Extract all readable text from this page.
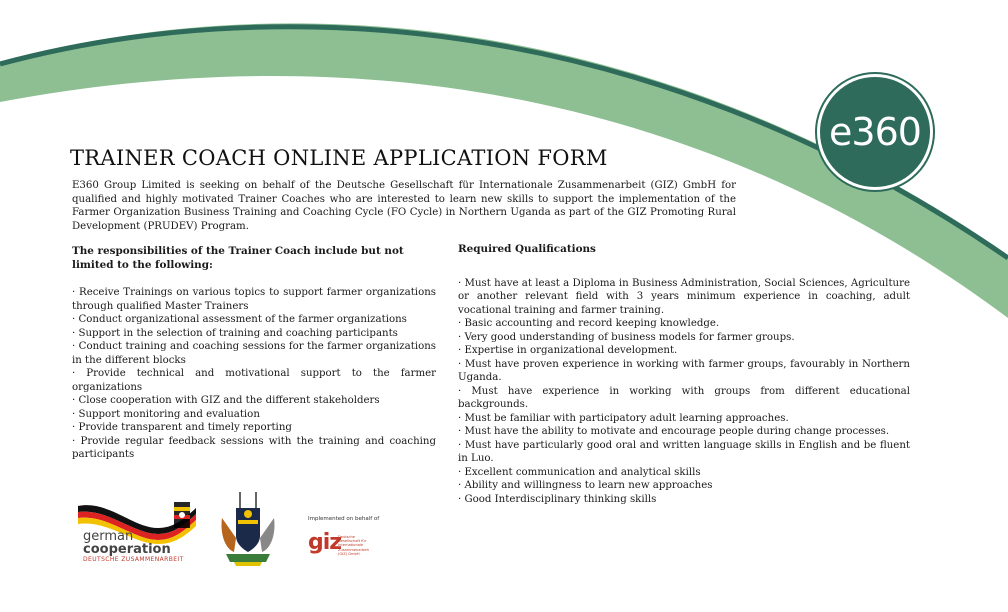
e360
TRAINER COACH ONLINE APPLICATION FORM

E360 Group Limited is seeking on behalf of the Deutsche Gesellschaft für Internationale Zusammenarbeit (GIZ) GmbH for qualified and highly motivated Trainer Coaches who are interested to learn new skills to support the implementation of the Farmer Organization Business Training and Coaching Cycle (FO Cycle) in Northern Uganda as part of the GIZ Promoting Rural Development (PRUDEV) Program.

The responsibilities of the Trainer Coach include but not limited to the following:
· Receive Trainings on various topics to support farmer organizations through qualified Master Trainers
· Conduct organizational assessment of the farmer organizations
· Support in the selection of training and coaching participants
· Conduct training and coaching sessions for the farmer organizations in the different blocks
· Provide technical and motivational support to the farmer organizations
· Close cooperation with GIZ and the different stakeholders
· Support monitoring and evaluation
· Provide transparent and timely reporting
· Provide regular feedback sessions with the training and coaching participants
Required Qualifications
· Must have at least a Diploma in Business Administration, Social Sciences, Agriculture or another relevant field with 3 years minimum experience in coaching, adult vocational training and farmer training.
· Basic accounting and record keeping knowledge.
· Very good understanding of business models for farmer groups.
· Expertise in organizational development.
· Must have proven experience in working with farmer groups, favourably in Northern Uganda.
· Must have experience in working with groups from different educational backgrounds.
· Must be familiar with participatory adult learning approaches.
· Must have the ability to motivate and encourage people during change processes.
· Must have particularly good oral and written language skills in English and be fluent in Luo.
· Excellent communication and analytical skills
· Ability and willingness to learn new approaches
· Good Interdisciplinary thinking skills
german
cooperation
DEUTSCHE ZUSAMMENARBEIT
Implemented on behalf of
giz
Deutsche Gesellschaft für Internationale Zusammenarbeit (GIZ) GmbH
